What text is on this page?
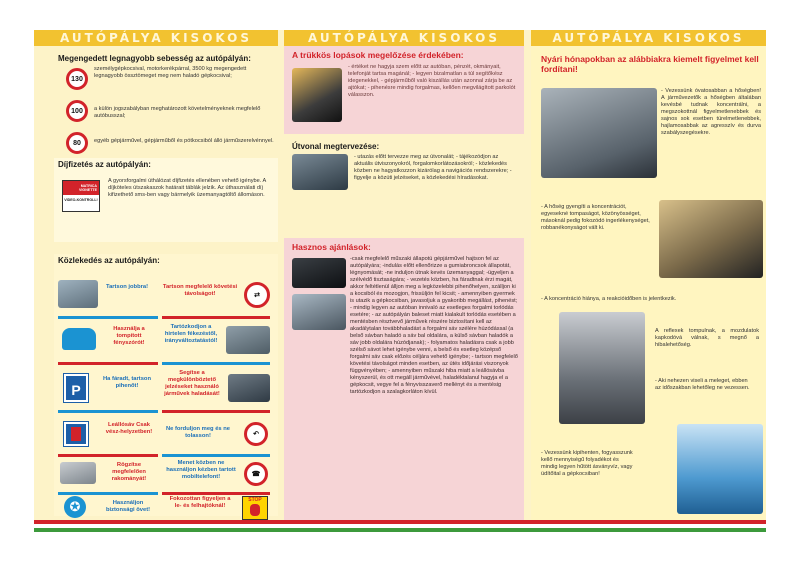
AUTÓPÁLYA KISOKOS
Megengedett legnagyobb sebesség az autópályán:
130
személygépkocsival, motorkerékpárral, 3500 kg megengedett legnagyobb össztömeget meg nem haladó gépkocsival;
100	a külön jogszabályban meghatározott követelményeknek megfelelő autóbusszal;
80	egyéb gépjárművel, gépjárműből és pótkocsiból álló járműszerelvénnyel.
Díjfizetés az autópályán:
MATRICA VIGNETTE
VIDEO-KONTROLL!
A gyorsforgalmi úthálózat díjfizetés ellenében vehető igénybe. A díjköteles útszakaszok határait táblák jelzik. Az úthasználati díj kifizethető sms-ben vagy bármelyik üzemanyagtöltő állomáson.
Közlekedés az autópályán:
Tartson jobbra!	Tartson megfelelő követési távolságot!	⇄
Használja a tompított fényszórót!
Tartózkodjon a hirtelen fékezéstől, irányváltoztatástól!
P
Ha fáradt, tartson pihenőt!
Segítse a megkülönböztető jelzéseket használó járművek haladását!
Leállósáv Csak vész-helyzetben!	Ne forduljon meg és ne tolasson!	↶
Rögzítse megfelelően rakományát!
Menet közben ne használjon kézben tartott mobiltelefont!	☎
✪	Használjon biztonsági övet!
Fokozottan figyeljen a le- és felhajtóknál!
STOP
AUTÓPÁLYA KISOKOS
A trükkös lopások megelőzése érdekében:
- értéket ne hagyja szem előtt az autóban, pénzét, okmányait, telefonját tartsa magánál; - legyen bizalmatlan a túl segítőkész idegenekkel, - gépjárműből való kiszállás után azonnal zárja be az ajtókat; - pihenésre mindig forgalmas, kellően megvilágított parkolót válasszon.
Útvonal megtervezése:
- utazás előtt tervezze meg az útvonalát; - tájékozódjon az aktuális útviszonyokról, forgalomkorlátozásokról; - közlekedés közben ne hagyatkozzon kizárólag a navigációs rendszerekre; - figyelje a közúti jelzéseket, a közlekedési híradásokat.
Hasznos ajánlások:
-csak megfelelő műszaki állapotú gépjárművel hajtson fel az autópályára; -indulás előtt ellenőrizze a gumiabroncsok állapotát, légnyomását; -ne induljon útnak kevés üzemanyaggal; -ügyeljen a szélvédő tisztaságára; - vezetés közben, ha fáradtnak érzi magát, akkor feltétlenül álljon meg a legközelebbi pihenőhelyen, szálljon ki a kocsiból és mozogjon, frissüljön fel kicsit; - amennyiben gyermek is utazik a gépkocsiban, javasoljuk a gyakoribb megállást, pihenést; - mindig legyen az autóban innivaló az esetleges forgalmi torlódás esetére; - az autópályán baleset miatt kialakult torlódás esetében a mentésben résztvevő járművek részére biztosítani kell az akadálytalan továbbhaladást a forgalmi sáv szélére húzódással (a belső sávban haladó a sáv bal oldalára, a külső sávban haladók a sáv jobb oldalára húzódjanak); - folyamatos haladásra csak a jobb szélső sávot lehet igénybe venni, a belső és esetleg középső forgalmi sáv csak előzés céljára vehető igénybe; - tartson megfelelő követési távolságot minden esetben, az útés időjárási viszonyok függvényében; - amennyiben műszaki hiba miatt a leállósávba kényszerül, és ott megáll járművével, haladéktalanul hagyja el a gépkocsit, vegye fel a fényvisszaverő mellényt és a mentésig tartózkodjon a szalagkorláton kívül.
AUTÓPÁLYA KISOKOS
Nyári hónapokban az alábbiakra kiemelt figyelmet kell fordítani!
- Vezessünk óvatosabban a hőségben! A járművezetők a hőségben általában kevésbé tudnak koncentrálni, a megszokottnál figyelmetlenebbek és sajnos sok esetben türelmetlenebbek, hajlamosabbak az agresszív és durva szabályszegésekre.
- A hőség gyengíti a koncentrációt, egyesekné tompaságot, közönyösséget, másoknál pedig fokozódó ingerlékenységet, robbanékonyságot vált ki.
- A koncentráció hiánya, a reakcióidőben is jelentkezik.
A reflexek tompulnak, a mozdulatok kapkodóvá válnak, s megnő a hibalehetőség.
- Aki nehezen viseli a meleget, ebben az időszakban lehetőleg ne vezessen.
- Vezessünk kipihenten, fogyasszunk kellő mennyiségű folyadékot és mindig legyen hűtött ásványvíz, vagy üdítőital a gépkocsiban!
